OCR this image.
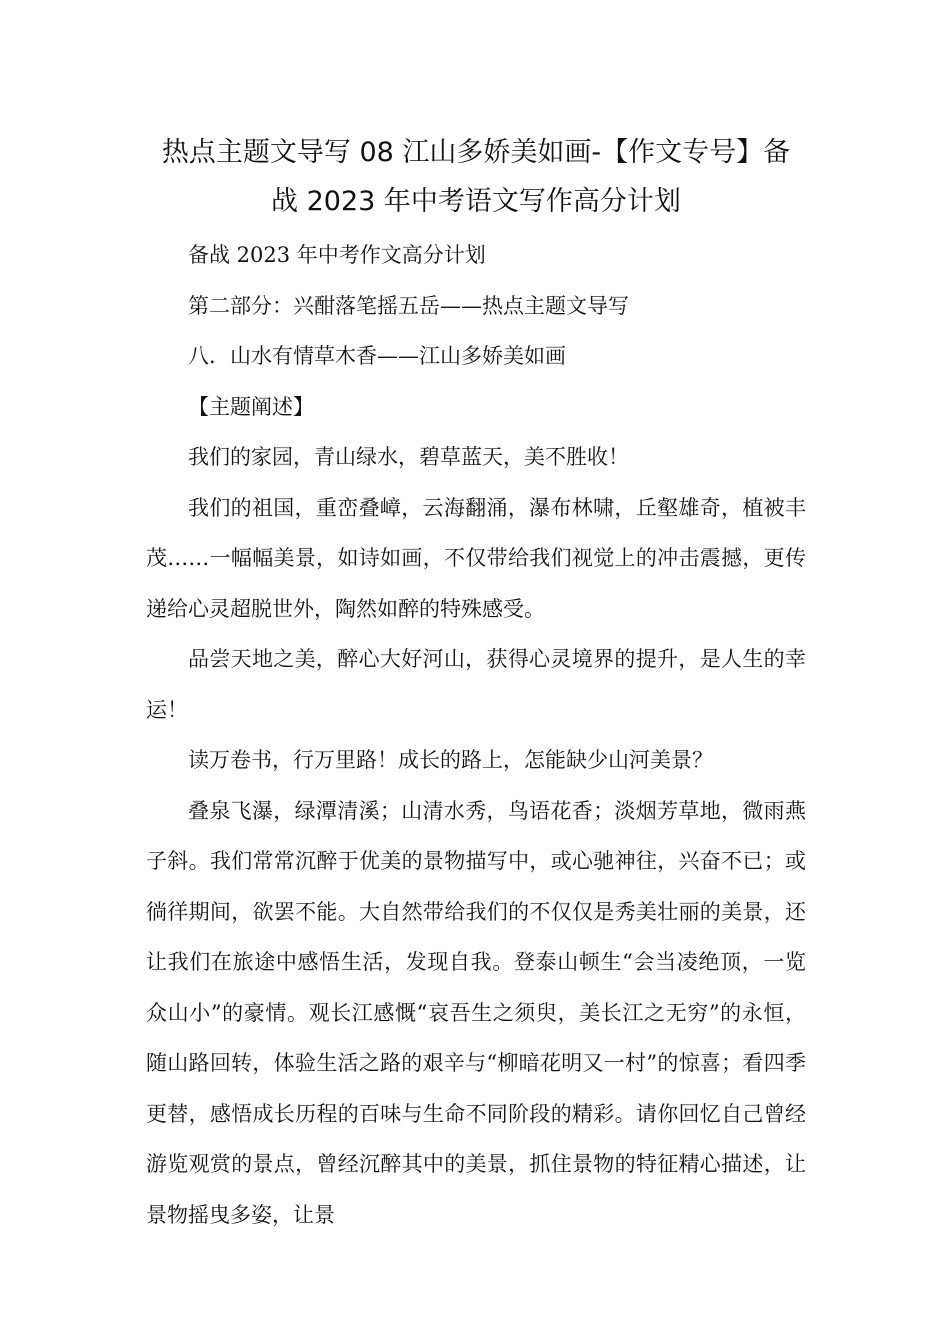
热点主题文导写 08 江山多娇美如画-【作文专号】备
战 2023 年中考语文写作高分计划

备战 2023 年中考作文高分计划

第二部分：兴酣落笔摇五岳——热点主题文导写

八．山水有情草木香——江山多娇美如画

【主题阐述】

我们的家园，青山绿水，碧草蓝天，美不胜收！

我们的祖国，重峦叠嶂，云海翻涌，瀑布林啸，丘壑雄奇，植被丰茂……一幅幅美景，如诗如画，不仅带给我们视觉上的冲击震撼，更传递给心灵超脱世外，陶然如醉的特殊感受。

品尝天地之美，醉心大好河山，获得心灵境界的提升，是人生的幸运！

读万卷书，行万里路！成长的路上，怎能缺少山河美景？

叠泉飞瀑，绿潭清溪；山清水秀，鸟语花香；淡烟芳草地，微雨燕子斜。我们常常沉醉于优美的景物描写中，或心驰神往，兴奋不已；或徜徉期间，欲罢不能。大自然带给我们的不仅仅是秀美壮丽的美景，还让我们在旅途中感悟生活，发现自我。登泰山顿生“会当凌绝顶，一览众山小”的豪情。观长江感慨“哀吾生之须臾，美长江之无穷”的永恒，随山路回转，体验生活之路的艰辛与“柳暗花明又一村”的惊喜；看四季更替，感悟成长历程的百味与生命不同阶段的精彩。请你回忆自己曾经游览观赏的景点，曾经沉醉其中的美景，抓住景物的特征精心描述，让景物摇曳多姿，让景
